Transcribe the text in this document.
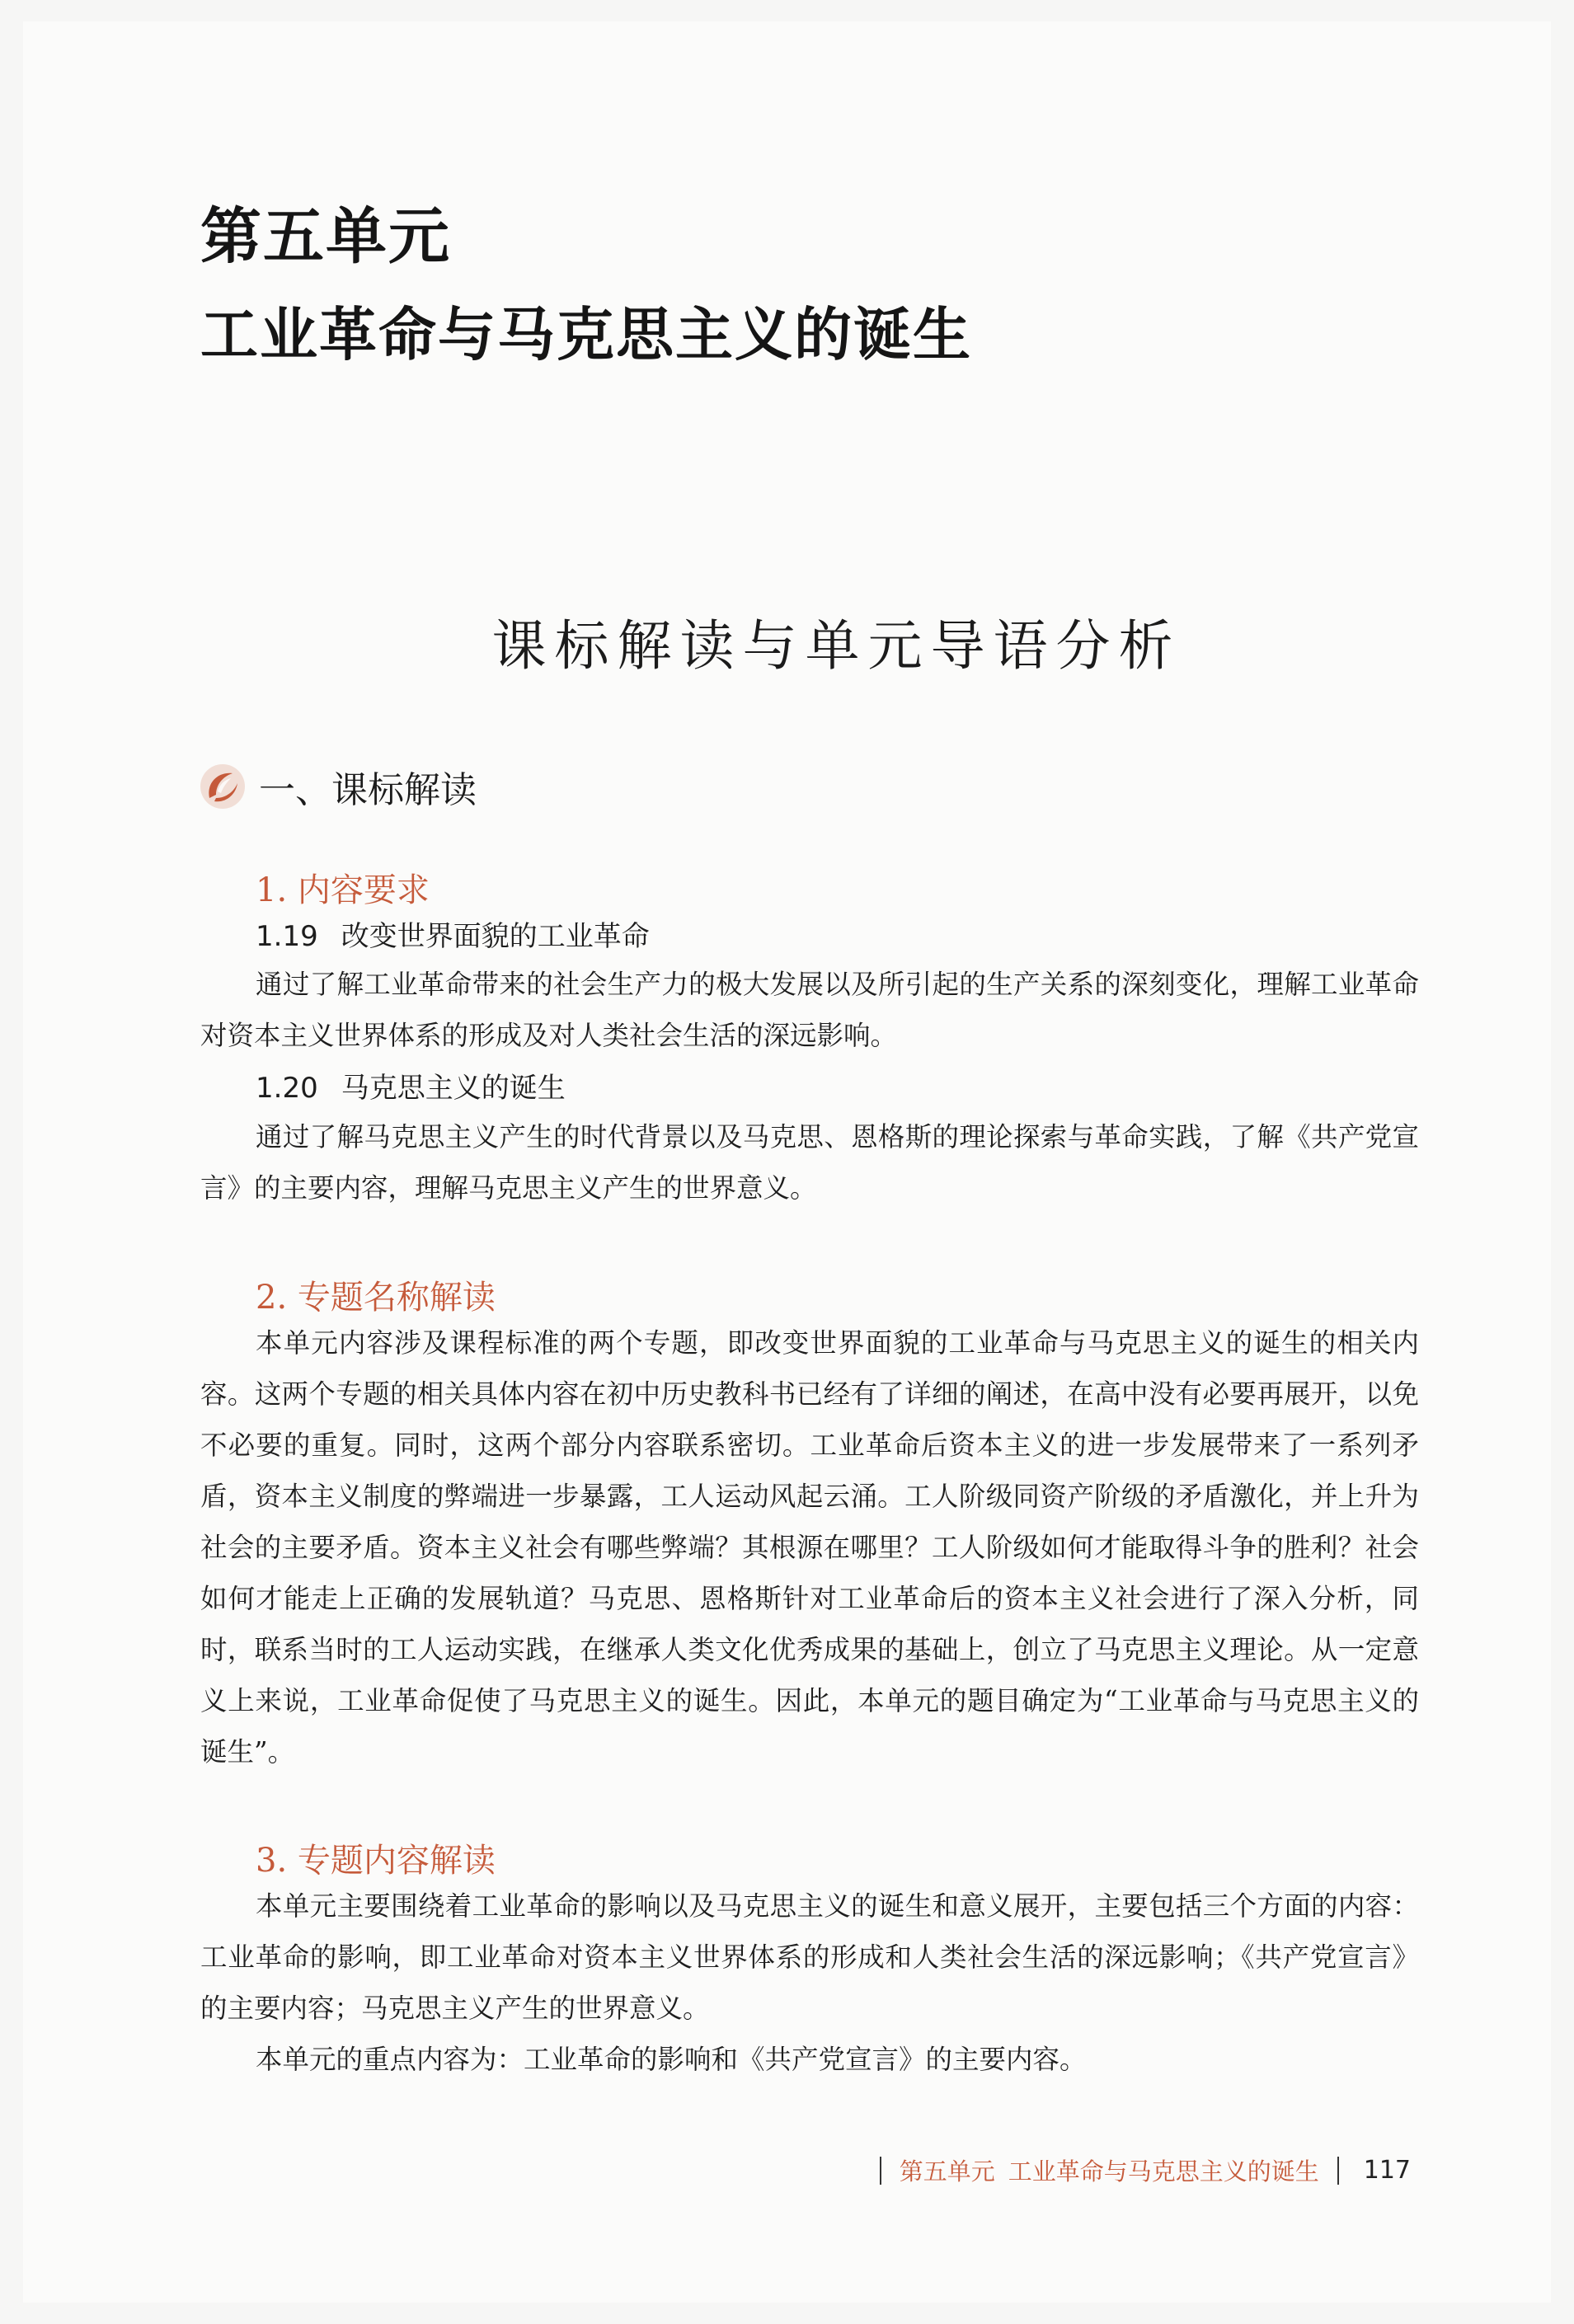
第五单元
工业革命与马克思主义的诞生
课标解读与单元导语分析
一、课标解读
1. 内容要求
1.19 改变世界面貌的工业革命
通过了解工业革命带来的社会生产力的极大发展以及所引起的生产关系的深刻变化，理解工业革命对资本主义世界体系的形成及对人类社会生活的深远影响。
1.20 马克思主义的诞生
通过了解马克思主义产生的时代背景以及马克思、恩格斯的理论探索与革命实践，了解《共产党宣言》的主要内容，理解马克思主义产生的世界意义。
2. 专题名称解读
本单元内容涉及课程标准的两个专题，即改变世界面貌的工业革命与马克思主义的诞生的相关内容。这两个专题的相关具体内容在初中历史教科书已经有了详细的阐述，在高中没有必要再展开，以免不必要的重复。同时，这两个部分内容联系密切。工业革命后资本主义的进一步发展带来了一系列矛盾，资本主义制度的弊端进一步暴露，工人运动风起云涌。工人阶级同资产阶级的矛盾激化，并上升为社会的主要矛盾。资本主义社会有哪些弊端？其根源在哪里？工人阶级如何才能取得斗争的胜利？社会如何才能走上正确的发展轨道？马克思、恩格斯针对工业革命后的资本主义社会进行了深入分析，同时，联系当时的工人运动实践，在继承人类文化优秀成果的基础上，创立了马克思主义理论。从一定意义上来说，工业革命促使了马克思主义的诞生。因此，本单元的题目确定为“工业革命与马克思主义的诞生”。
3. 专题内容解读
本单元主要围绕着工业革命的影响以及马克思主义的诞生和意义展开，主要包括三个方面的内容：工业革命的影响，即工业革命对资本主义世界体系的形成和人类社会生活的深远影响；《共产党宣言》的主要内容；马克思主义产生的世界意义。
本单元的重点内容为：工业革命的影响和《共产党宣言》的主要内容。
第五单元 工业革命与马克思主义的诞生 117
